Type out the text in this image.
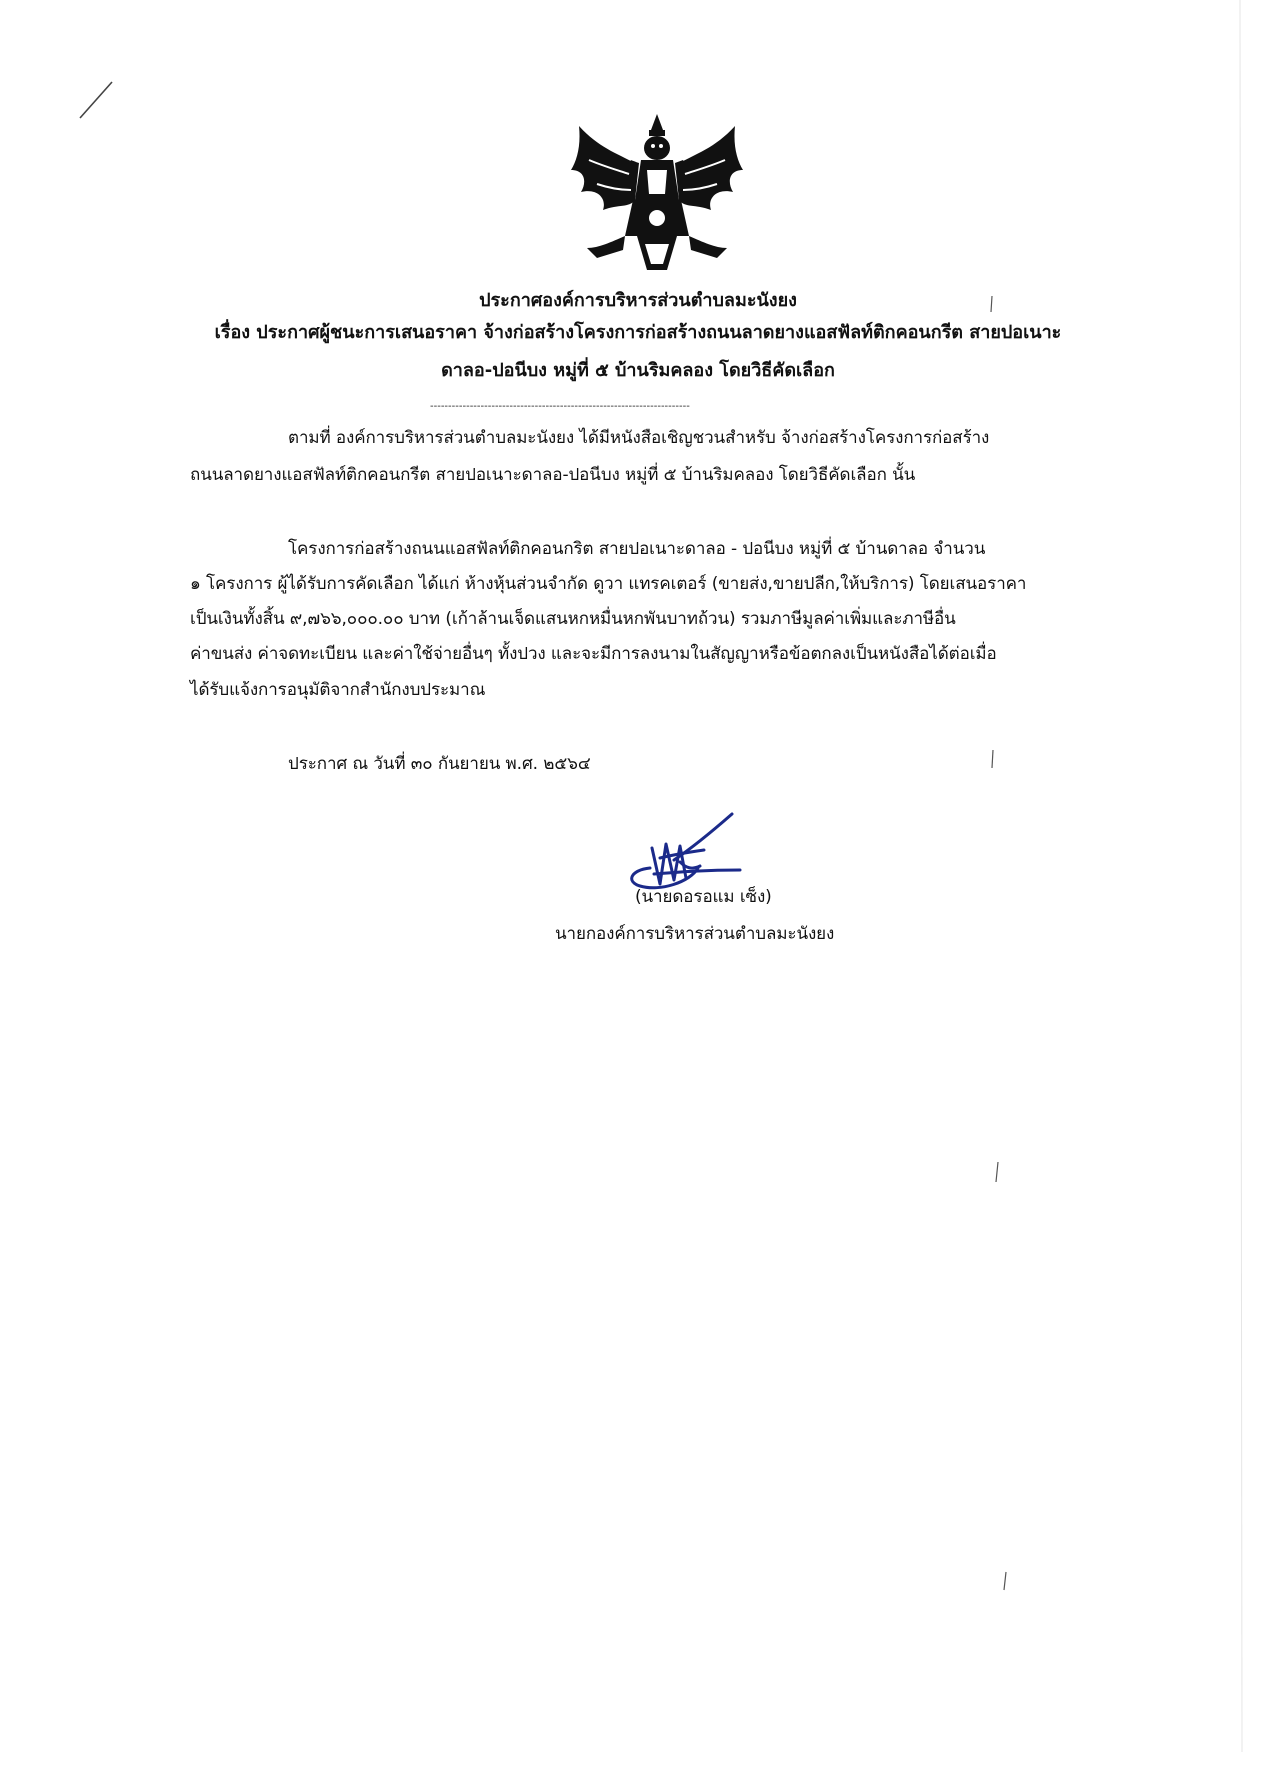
ประกาศองค์การบริหารส่วนตำบลมะนังยง
เรื่อง ประกาศผู้ชนะการเสนอราคา จ้างก่อสร้างโครงการก่อสร้างถนนลาดยางแอสฟัลท์ติกคอนกรีต สายปอเนาะ
ดาลอ-ปอนีบง หมู่ที่ ๕ บ้านริมคลอง โดยวิธีคัดเลือก
------------------------------------------------------------------------
ตามที่ องค์การบริหารส่วนตำบลมะนังยง ได้มีหนังสือเชิญชวนสำหรับ จ้างก่อสร้างโครงการก่อสร้าง
ถนนลาดยางแอสฟัลท์ติกคอนกรีต สายปอเนาะดาลอ-ปอนีบง หมู่ที่ ๕ บ้านริมคลอง โดยวิธีคัดเลือก นั้น
โครงการก่อสร้างถนนแอสฟัลท์ติกคอนกริต สายปอเนาะดาลอ - ปอนีบง หมู่ที่ ๕ บ้านดาลอ จำนวน
๑ โครงการ ผู้ได้รับการคัดเลือก ได้แก่ ห้างหุ้นส่วนจำกัด ดูวา แทรคเตอร์ (ขายส่ง,ขายปลีก,ให้บริการ) โดยเสนอราคา
เป็นเงินทั้งสิ้น ๙,๗๖๖,๐๐๐.๐๐ บาท (เก้าล้านเจ็ดแสนหกหมื่นหกพันบาทถ้วน) รวมภาษีมูลค่าเพิ่มและภาษีอื่น
ค่าขนส่ง ค่าจดทะเบียน และค่าใช้จ่ายอื่นๆ ทั้งปวง และจะมีการลงนามในสัญญาหรือข้อตกลงเป็นหนังสือได้ต่อเมื่อ
ได้รับแจ้งการอนุมัติจากสำนักงบประมาณ
ประกาศ ณ วันที่ ๓๐ กันยายน พ.ศ. ๒๕๖๔
(นายดอรอแม เซ็ง)
นายกองค์การบริหารส่วนตำบลมะนังยง
